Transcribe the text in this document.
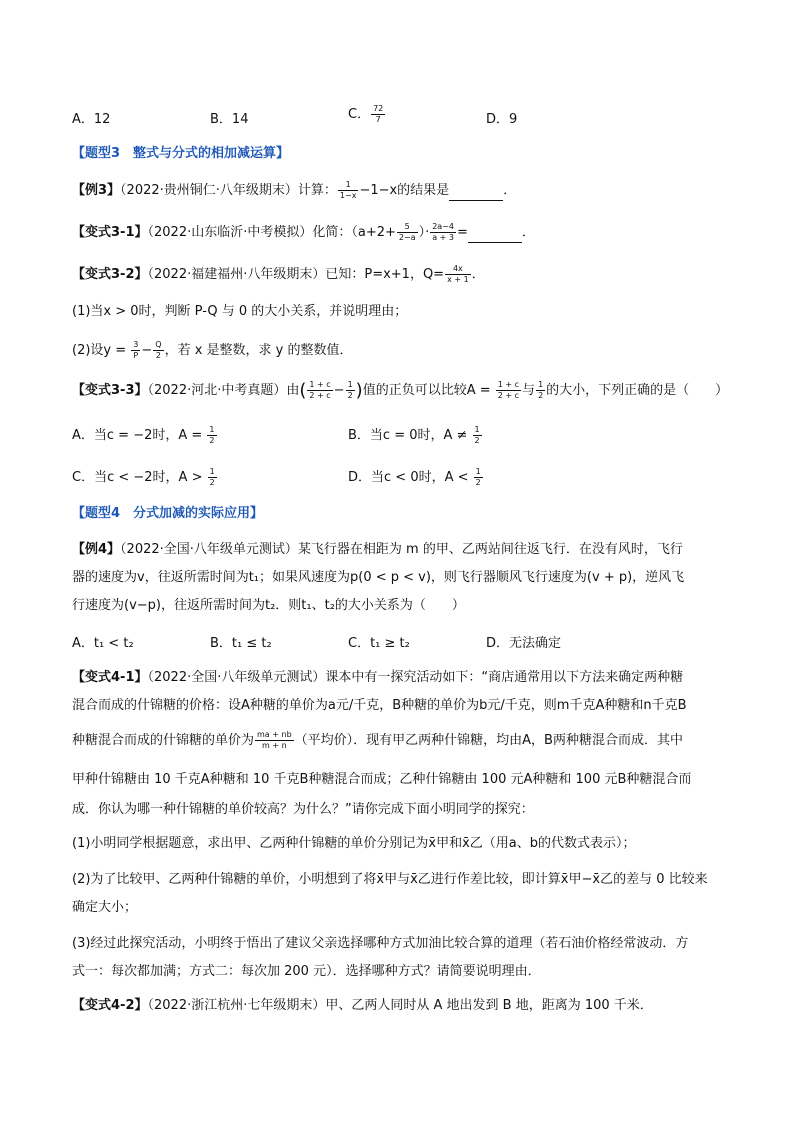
A．12	B．14	C． $\frac{72}{7}$	D．9
【题型3　整式与分式的相加减运算】
【例3】（2022·贵州铜仁·八年级期末）计算： $\frac{1}{1-x} -1-x$的结果是	．
【变式3-1】（2022·山东临沂·中考模拟）化简：（$a+2+ \frac{5}{2-a}$ ）· $\frac{2a-4}{a + 3}$ =	．
【变式3-2】（2022·福建福州·八年级期末）已知：P=x+1，$Q= \frac{4x}{x + 1}$ ．
(1)当x > 0时，判断 P-Q 与 0 的大小关系，并说明理由；
(2)设$y = \frac{3}{P} - \frac{Q}{2}$ ，若 x 是整数，求 y 的整数值．
【变式3-3】（2022·河北·中考真题）由( $\frac{1 + c}{2 + c} - \frac{1}{2}$ )值的正负可以比较$A = \frac{1 + c}{2 + c}$ 与 $\frac{1}{2}$ 的大小，下列正确的是（　　）
A．当c = −2时，$A = \frac{1}{2}$	B．当c = 0时，$A \ne \frac{1}{2}$
C．当c < −2时，$A > \frac{1}{2}$	D．当c < 0时，$A < \frac{1}{2}$
【题型4　分式加减的实际应用】
【例4】（2022·全国·八年级单元测试）某飞行器在相距为 m 的甲、乙两站间往返飞行．在没有风时，飞行
器的速度为v，往返所需时间为t₁；如果风速度为p(0 < p < v)，则飞行器顺风飞行速度为(v + p)，逆风飞
行速度为(v−p)，往返所需时间为t₂．则t₁、t₂的大小关系为（　　）
A．t₁ < t₂	B．t₁ ≤ t₂	C．t₁ ≥ t₂	D．无法确定
【变式4-1】（2022·全国·八年级单元测试）课本中有一探究活动如下：“商店通常用以下方法来确定两种糖
混合而成的什锦糖的价格：设A种糖的单价为a元/千克，B种糖的单价为b元/千克，则m千克A种糖和n千克B
种糖混合而成的什锦糖的单价为 $\frac{ma + nb}{m + n}$ （平均价）．现有甲乙两种什锦糖，均由A，B两种糖混合而成．其中
甲种什锦糖由 10 千克A种糖和 10 千克B种糖混合而成；乙种什锦糖由 100 元A种糖和 100 元B种糖混合而
成．你认为哪一种什锦糖的单价较高？为什么？”请你完成下面小明同学的探究：
(1)小明同学根据题意，求出甲、乙两种什锦糖的单价分别记为x̄甲和x̄乙（用a、b的代数式表示）；
(2)为了比较甲、乙两种什锦糖的单价，小明想到了将x̄甲与x̄乙进行作差比较，即计算x̄甲−x̄乙的差与 0 比较来
确定大小；
(3)经过此探究活动，小明终于悟出了建议父亲选择哪种方式加油比较合算的道理（若石油价格经常波动．方
式一：每次都加满；方式二：每次加 200 元）．选择哪种方式？请简要说明理由．
【变式4-2】（2022·浙江杭州·七年级期末）甲、乙两人同时从 A 地出发到 B 地，距离为 100 千米．
